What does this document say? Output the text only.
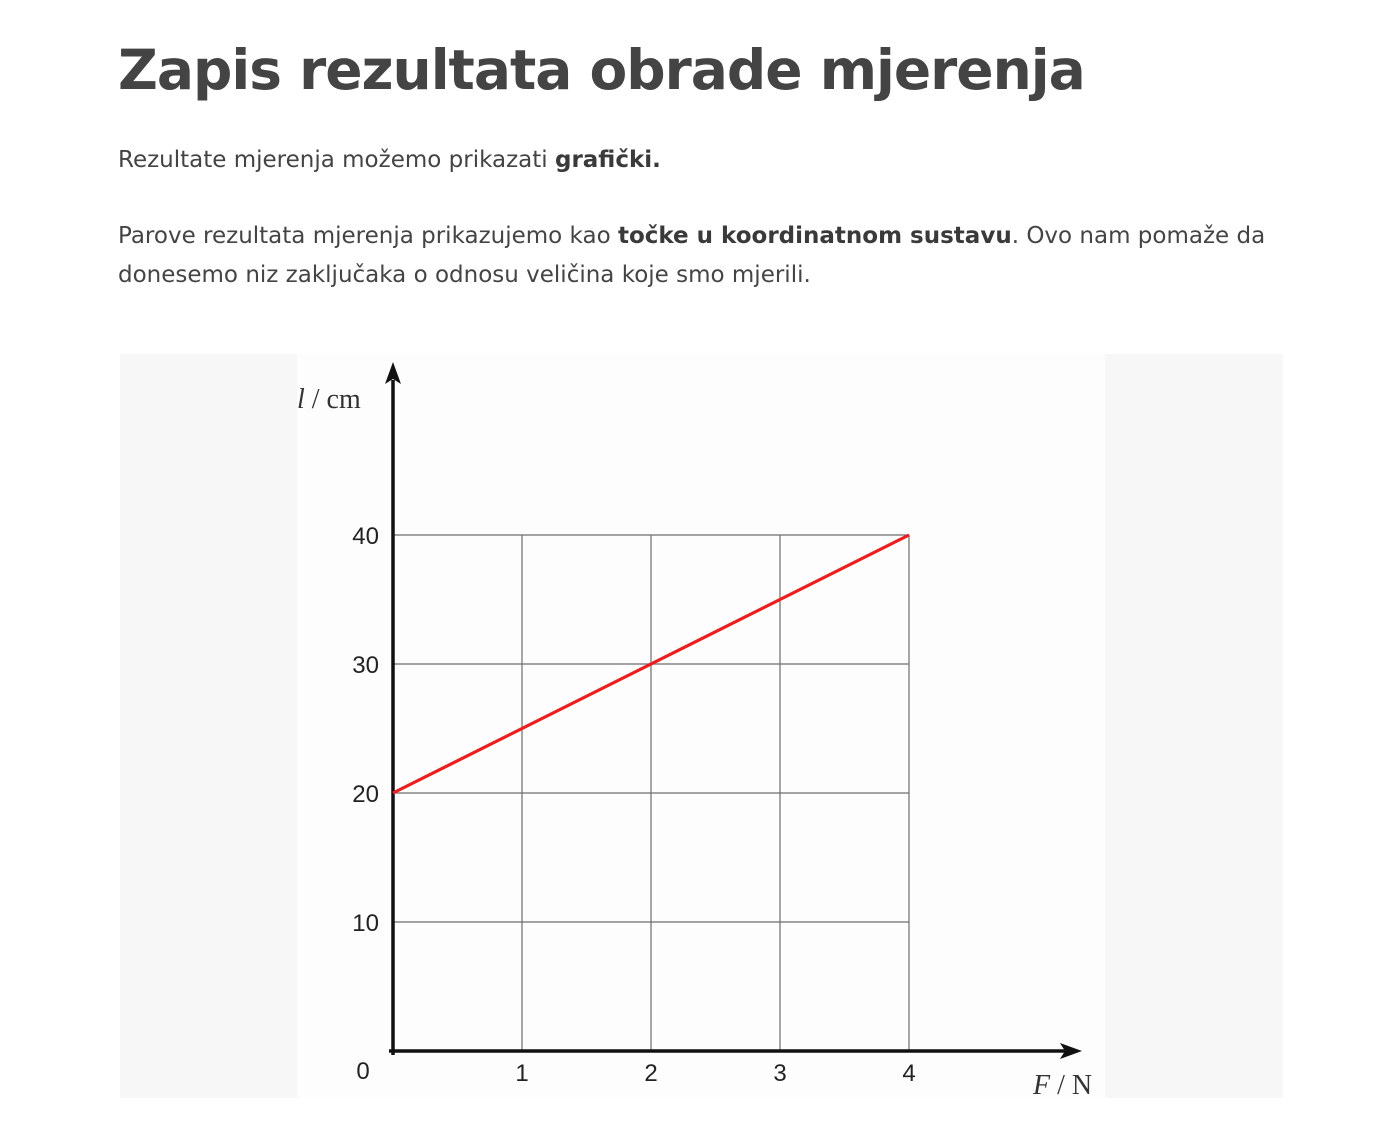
Zapis rezultata obrade mjerenja

Rezultate mjerenja možemo prikazati grafički.

Parove rezultata mjerenja prikazujemo kao točke u koordinatnom sustavu. Ovo nam pomaže da donesemo niz zaključaka o odnosu veličina koje smo mjerili.

1	2	3	4
10
20
30
40
0
l / cm
F / N
